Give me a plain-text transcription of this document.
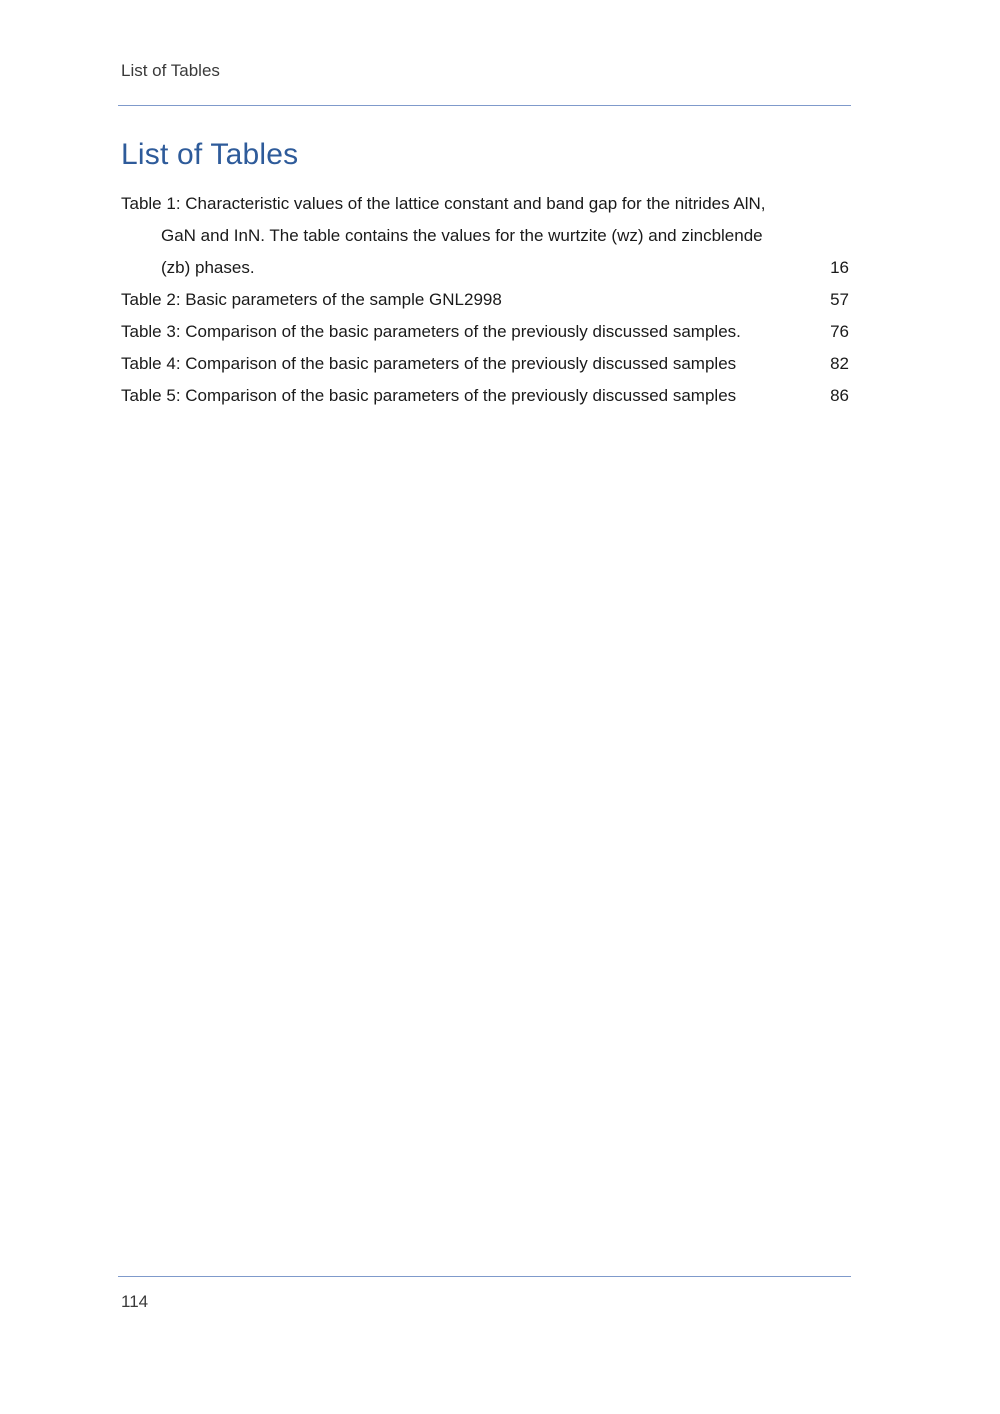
List of Tables
List of Tables
Table 1: Characteristic values of the lattice constant and band gap for the nitrides AlN, GaN and InN. The table contains the values for the wurtzite (wz) and zincblende (zb) phases.	16
Table 2: Basic parameters of the sample GNL2998	57
Table 3: Comparison of the basic parameters of the previously discussed samples.	76
Table 4: Comparison of the basic parameters of the previously discussed samples	82
Table 5: Comparison of the basic parameters of the previously discussed samples	86
114
